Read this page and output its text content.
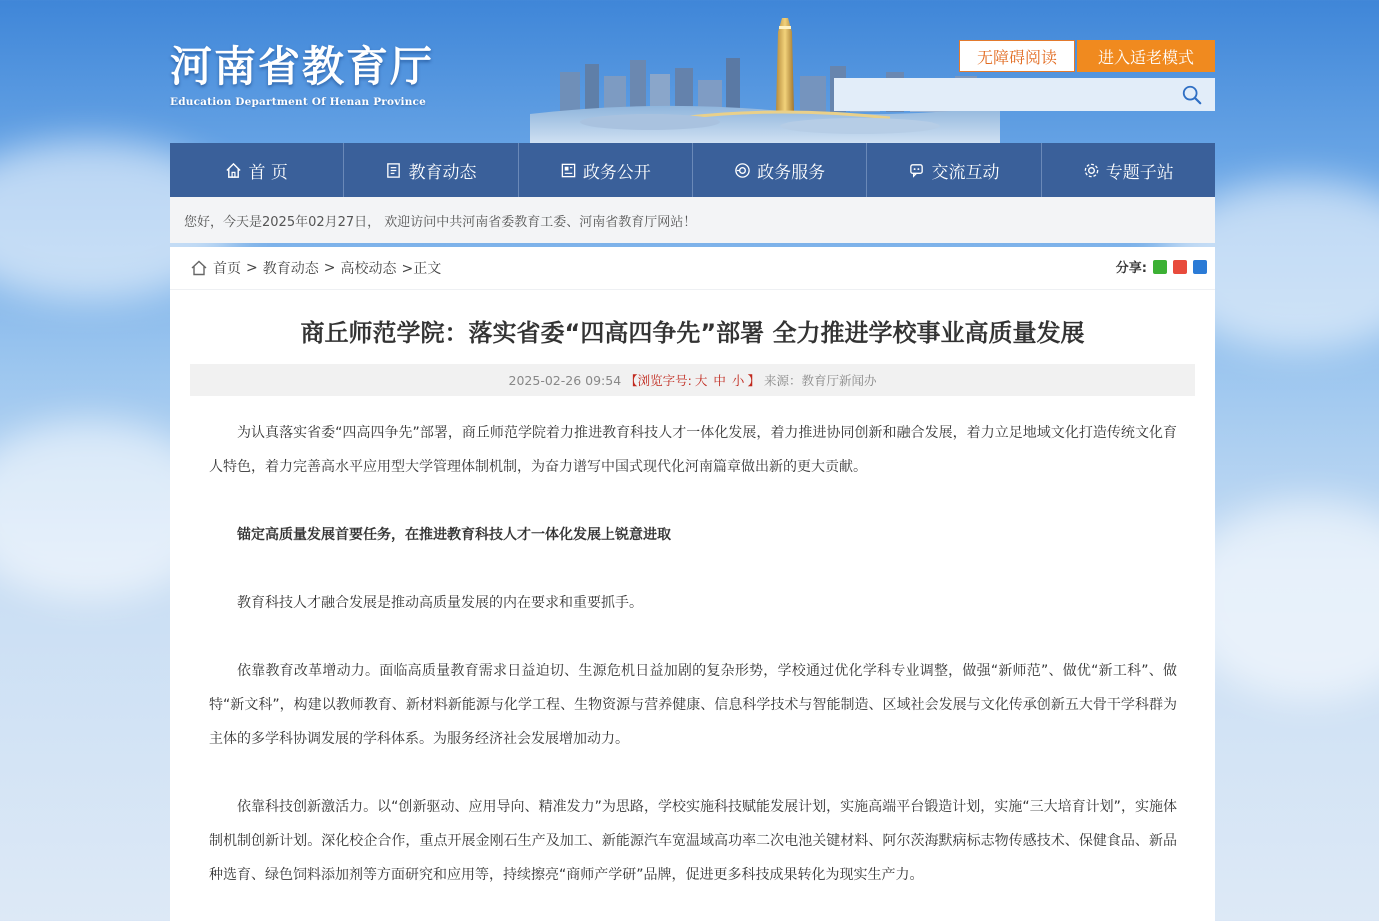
河南省教育厅
Education Department Of Henan Province
无障碍阅读	进入适老模式
首 页	教育动态	政务公开	政务服务	交流互动	专题子站
您好，今天是2025年02月27日， 欢迎访问中共河南省委教育工委、河南省教育厅网站！
首页 > 教育动态 > 高校动态 >正文	分享:
商丘师范学院：落实省委“四高四争先”部署 全力推进学校事业高质量发展
2025-02-26 09:54 【浏览字号: 大 中 小 】 来源：教育厅新闻办

为认真落实省委“四高四争先”部署，商丘师范学院着力推进教育科技人才一体化发展，着力推进协同创新和融合发展，着力立足地域文化打造传统文化育人特色，着力完善高水平应用型大学管理体制机制，为奋力谱写中国式现代化河南篇章做出新的更大贡献。

锚定高质量发展首要任务，在推进教育科技人才一体化发展上锐意进取

教育科技人才融合发展是推动高质量发展的内在要求和重要抓手。

依靠教育改革增动力。面临高质量教育需求日益迫切、生源危机日益加剧的复杂形势，学校通过优化学科专业调整，做强“新师范”、做优“新工科”、做特“新文科”，构建以教师教育、新材料新能源与化学工程、生物资源与营养健康、信息科学技术与智能制造、区域社会发展与文化传承创新五大骨干学科群为主体的多学科协调发展的学科体系。为服务经济社会发展增加动力。

依靠科技创新激活力。以“创新驱动、应用导向、精准发力”为思路，学校实施科技赋能发展计划，实施高端平台锻造计划，实施“三大培育计划”，实施体制机制创新计划。深化校企合作，重点开展金刚石生产及加工、新能源汽车宽温域高功率二次电池关键材料、阿尔茨海默病标志物传感技术、保健食品、新品种选育、绿色饲料添加剂等方面研究和应用等，持续擦亮“商师产学研”品牌，促进更多科技成果转化为现实生产力。
